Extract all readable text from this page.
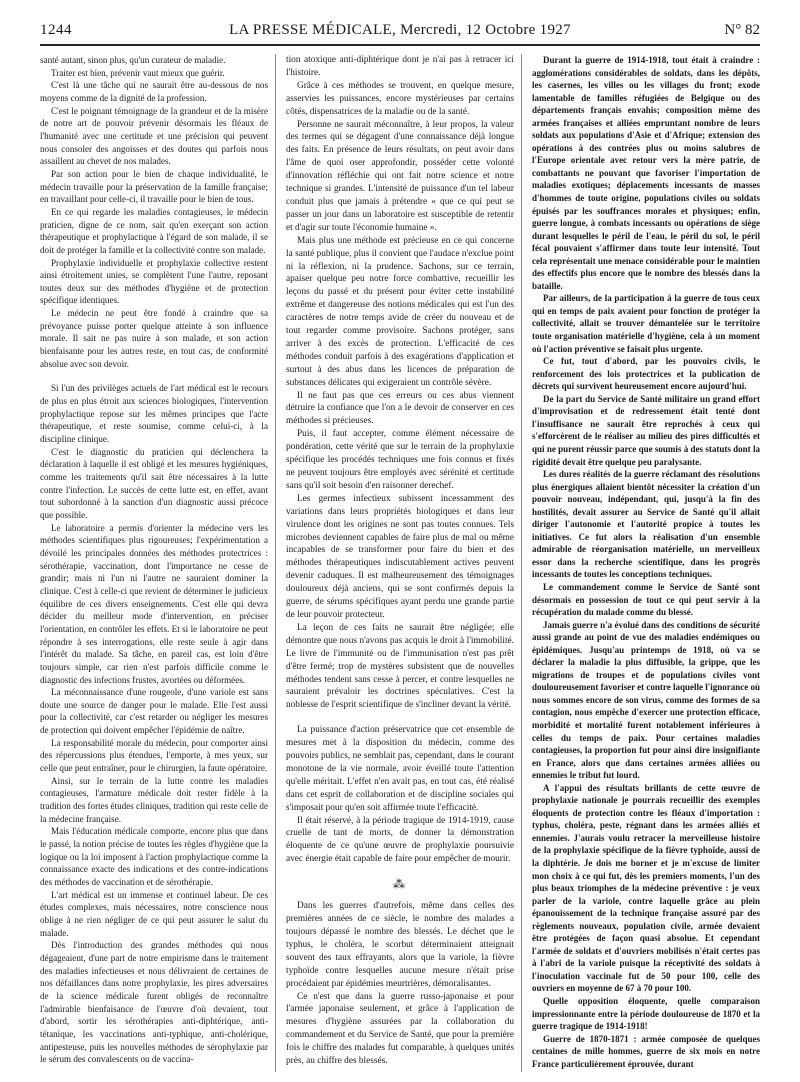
1244	LA PRESSE MÉDICALE, Mercredi, 12 Octobre 1927	N° 82

santé autant, sinon plus, qu'un curateur de maladie.

Traiter est bien, prévenir vaut mieux que guérir.

C'est là une tâche qui ne saurait être au-dessous de nos moyens comme de la dignité de la profession.

C'est le poignant témoignage de la grandeur et de la misère de notre art de pouvoir prévenir désormais les fléaux de l'humanité avec une certitude et une précision qui peuvent nous consoler des angoisses et des doutes qui parfois nous assaillent au chevet de nos malades.

Par son action pour le bien de chaque individualité, le médecin travaille pour la préservation de la famille française; en travaillant pour celle-ci, il travaille pour le bien de tous.

En ce qui regarde les maladies contagieuses, le médecin praticien, digne de ce nom, sait qu'en exerçant son action thérapeutique et prophylactique à l'égard de son malade, il se doit de protéger la famille et la collectivité contre son malade.

Prophylaxie individuelle et prophylaxie collective restent ainsi étroitement unies, se complètent l'une l'autre, reposant toutes deux sur des méthodes d'hygiène et de protection spécifique identiques.

Le médecin ne peut être fondé à craindre que sa prévoyance puisse porter quelque atteinte à son influence morale. Il sait ne pas nuire à son malade, et son action bienfaisante pour les autres reste, en tout cas, de conformité absolue avec son devoir.

Si l'un des privilèges actuels de l'art médical est le recours de plus en plus étroit aux sciences biologiques, l'intervention prophylactique repose sur les mêmes principes que l'acte thérapeutique, et reste soumise, comme celui-ci, à la discipline clinique.

C'est le diagnostic du praticien qui déclenchera la déclaration à laquelle il est obligé et les mesures hygiéniques, comme les traitements qu'il sait être nécessaires à la lutte contre l'infection. Le succès de cette lutte est, en effet, avant tout subordonné à la sanction d'un diagnostic aussi précoce que possible.

Le laboratoire a permis d'orienter la médecine vers les méthodes scientifiques plus rigoureuses; l'expérimentation a dévoilé les principales données des méthodes protectrices : sérothérapie, vaccination, dont l'importance ne cesse de grandir; mais ni l'un ni l'autre ne sauraient dominer la clinique. C'est à celle-ci que revient de déterminer le judicieux équilibre de ces divers enseignements. C'est elle qui devra décider du meilleur mode d'intervention, en préciser l'orientation, en contrôler les effets. Et si le laboratoire ne peut répondre à ses interrogations, elle reste seule à agir dans l'intérêt du malade. Sa tâche, en pareil cas, est loin d'être toujours simple, car rien n'est parfois difficile comme le diagnostic des infections frustes, avortées ou déformées.

La méconnaissance d'une rougeole, d'une variole est sans doute une source de danger pour le malade. Elle l'est aussi pour la collectivité, car c'est retarder ou négliger les mesures de protection qui doivent empêcher l'épidémie de naître.

La responsabilité morale du médecin, pour comporter ainsi des répercussions plus étendues, l'emporte, à mes yeux, sur celle que peut entraîner, pour le chirurgien, la faute opératoire.

Ainsi, sur le terrain de la lutte contre les maladies contagieuses, l'armature médicale doit rester fidèle à la tradition des fortes études cliniques, tradition qui reste celle de la médecine française.

Mais l'éducation médicale comporte, encore plus que dans le passé, la notion précise de toutes les règles d'hygiène que la logique ou la loi imposent à l'action prophylactique comme la connaissance exacte des indications et des contre-indications des méthodes de vaccination et de sérothérapie.

L'art médical est un immense et continuel labeur. De ces études complexes, mais nécessaires, notre conscience nous oblige à ne rien négliger de ce qui peut assurer le salut du malade.

Dès l'introduction des grandes méthodes qui nous dégageaient, d'une part de notre empirisme dans le traitement des maladies infectieuses et nous délivraient de certaines de nos défaillances dans notre prophylaxie, les pires adversaires de la science médicale furent obligés de reconnaître l'admirable bienfaisance de l'œuvre d'où devaient, tout d'abord, sortir les sérothérapies anti-diphtérique, anti-tétanique, les vaccinations anti-typhique, anti-cholérique, antipesteuse, puis les nouvelles méthodes de sérophylaxie par le sérum des convalescents ou de vaccina-

tion atoxique anti-diphtérique dont je n'ai pas à retracer ici l'histoire.

Grâce à ces méthodes se trouvent, en quelque mesure, asservies les puissances, encore mystérieuses par certains côtés, dispensatrices de la maladie ou de la santé.

Personne ne saurait méconnaître, à leur propos, la valeur des termes qui se dégagent d'une connaissance déjà longue des faits. En présence de leurs résultats, on peut avoir dans l'âme de quoi oser approfondir, posséder cette volonté d'innovation réfléchie qui ont fait notre science et notre technique si grandes. L'intensité de puissance d'un tel labeur conduit plus que jamais à prétendre « que ce qui peut se passer un jour dans un laboratoire est susceptible de retentir et d'agir sur toute l'économie humaine ».

Mais plus une méthode est précieuse en ce qui concerne la santé publique, plus il convient que l'audace n'exclue point ni la réflexion, ni la prudence. Sachons, sur ce terrain, apaiser quelque peu notre force combattive, recueillir les leçons du passé et du présent pour éviter cette instabilité extrême et dangereuse des notions médicales qui est l'un des caractères de notre temps avide de créer du nouveau et de tout regarder comme provisoire. Sachons protéger, sans arriver à des excès de protection. L'efficacité de ces méthodes conduit parfois à des exagérations d'application et surtout à des abus dans les licences de préparation de substances délicates qui exigeraient un contrôle sévère.

Il ne faut pas que ces erreurs ou ces abus viennent détruire la confiance que l'on a le devoir de conserver en ces méthodes si précieuses.

Puis, il faut accepter, comme élément nécessaire de pondération, cette vérité que sur le terrain de la prophylaxie spécifique les procédés techniques une fois connus et fixés ne peuvent toujours être employés avec sérénité et certitude sans qu'il soit besoin d'en raisonner derechef.

Les germes infectieux subissent incessamment des variations dans leurs propriétés biologiques et dans leur virulence dont les origines ne sont pas toutes connues. Tels microbes deviennent capables de faire plus de mal ou même incapables de se transformer pour faire du bien et des méthodes thérapeutiques indiscutablement actives peuvent devenir caduques. Il est malheureusement des témoignages douloureux déjà anciens, qui se sont confirmés depuis la guerre, de sérums spécifiques ayant perdu une grande partie de leur pouvoir protecteur.

La leçon de ces faits ne saurait être négligée; elle démontre que nous n'avons pas acquis le droit à l'immobilité. Le livre de l'immunité ou de l'immunisation n'est pas prêt d'être fermé; trop de mystères subsistent que de nouvelles méthodes tendent sans cesse à percer, et contre lesquelles ne sauraient prévaloir les doctrines spéculatives. C'est la noblesse de l'esprit scientifique de s'incliner devant la vérité.

La puissance d'action préservatrice que cet ensemble de mesures met à la disposition du médecin, comme des pouvoirs publics, ne semblait pas, cependant, dans le courant monotone de la vie normale, avoir éveillé toute l'attention qu'elle méritait. L'effet n'en avait pas, en tout cas, été réalisé dans cet esprit de collaboration et de discipline sociales qui s'imposait pour qu'en soit affirmée toute l'efficacité.

Il était réservé, à la période tragique de 1914-1919, cause cruelle de tant de morts, de donner la démonstration éloquente de ce qu'une œuvre de prophylaxie poursuivie avec énergie était capable de faire pour empêcher de mourir.

⁂

Dans les guerres d'autrefois, même dans celles des premières années de ce siècle, le nombre des malades a toujours dépassé le nombre des blessés. Le déchet que le typhus, le choléra, le scorbut déterminaient atteignait souvent des taux effrayants, alors que la variole, la fièvre typhoïde contre lesquelles aucune mesure n'était prise procédaient par épidémies meurtrières, démoralisantes.

Ce n'est que dans la guerre russo-japonaise et pour l'armée japonaise seulement, et grâce à l'application de mesures d'hygiène assurées par la collaboration du commandement et du Service de Santé, que pour la première fois le chiffre des malades fut comparable, à quelques unités près, au chiffre des blessés.

Durant la guerre de 1914-1918, tout était à craindre : agglomérations considérables de soldats, dans les dépôts, les casernes, les villes ou les villages du front; exode lamentable de familles réfugiées de Belgique ou des départements français envahis; composition même des armées françaises et alliées empruntant nombre de leurs soldats aux populations d'Asie et d'Afrique; extension des opérations à des contrées plus ou moins salubres de l'Europe orientale avec retour vers la mère patrie, de combattants ne pouvant que favoriser l'importation de maladies exotiques; déplacements incessants de masses d'hommes de toute origine, populations civiles ou soldats épuisés par les souffrances morales et physiques; enfin, guerre longue, à combats incessants ou opérations de siège durant lesquelles le péril de l'eau, le péril du sol, le péril fécal pouvaient s'affirmer dans toute leur intensité. Tout cela représentait une menace considérable pour le maintien des effectifs plus encore que le nombre des blessés dans la bataille.

Par ailleurs, de la participation à la guerre de tous ceux qui en temps de paix avaient pour fonction de protéger la collectivité, allait se trouver démantelée sur le territoire toute organisation matérielle d'hygiène, cela à un moment où l'action préventive se faisait plus urgente.

Ce fut, tout d'abord, par les pouvoirs civils, le renforcement des lois protectrices et la publication de décrets qui survivent heureusement encore aujourd'hui.

De la part du Service de Santé militaire un grand effort d'improvisation et de redressement était tenté dont l'insuffisance ne saurait être reprochés à ceux qui s'efforcèrent de le réaliser au milieu des pires difficultés et qui ne purent réussir parce que soumis à des statuts dont la rigidité devait être quelque peu paralysante.

Les dures réalités de la guerre réclamant des résolutions plus énergiques allaient bientôt nécessiter la création d'un pouvoir nouveau, indépendant, qui, jusqu'à la fin des hostilités, devait assurer au Service de Santé qu'il allait diriger l'autonomie et l'autorité propice à toutes les initiatives. Ce fut alors la réalisation d'un ensemble admirable de réorganisation matérielle, un merveilleux essor dans la recherche scientifique, dans les progrès incessants de toutes les conceptions techniques.

Le commandement comme le Service de Santé sont désormais en possession de tout ce qui peut servir à la récupération du malade comme du blessé.

Jamais guerre n'a évolué dans des conditions de sécurité aussi grande au point de vue des maladies endémiques ou épidémiques. Jusqu'au printemps de 1918, où va se déclarer la maladie la plus diffusible, la grippe, que les migrations de troupes et de populations civiles vont douloureusement favoriser et contre laquelle l'ignorance où nous sommes encore de son virus, comme des formes de sa contagion, nous empêche d'exercer une protection efficace, morbidité et mortalité furent notablement inférieures à celles du temps de paix. Pour certaines maladies contagieuses, la proportion fut pour ainsi dire insignifiante en France, alors que dans certaines armées alliées ou ennemies le tribut fut lourd.

A l'appui des résultats brillants de cette œuvre de prophylaxie nationale je pourrais recueillir des exemples éloquents de protection contre les fléaux d'importation : typhus, choléra, peste, régnant dans les armées alliés et ennemies. J'aurais voulu retracer la merveilleuse histoire de la prophylaxie spécifique de la fièvre typhoïde, aussi de la diphtérie. Je dois me borner et je m'excuse de limiter mon choix à ce qui fut, dès les premiers moments, l'un des plus beaux triomphes de la médecine préventive : je veux parler de la variole, contre laquelle grâce au plein épanouissement de la technique française assuré par des règlements nouveaux, population civile, armée devaient être protégées de façon quasi absolue. Et cependant l'armée de soldats et d'ouvriers mobilisés n'était certes pas à l'abri de la variole puisque la réceptivité des soldats à l'inoculation vaccinale fut de 50 pour 100, celle des ouvriers en moyenne de 67 à 70 pour 100.

Quelle opposition éloquente, quelle comparaison impressionnante entre la période douloureuse de 1870 et la guerre tragique de 1914-1918!

Guerre de 1870-1871 : armée composée de quelques centaines de mille hommes, guerre de six mois en notre France particulièrement éprouvée, durant
